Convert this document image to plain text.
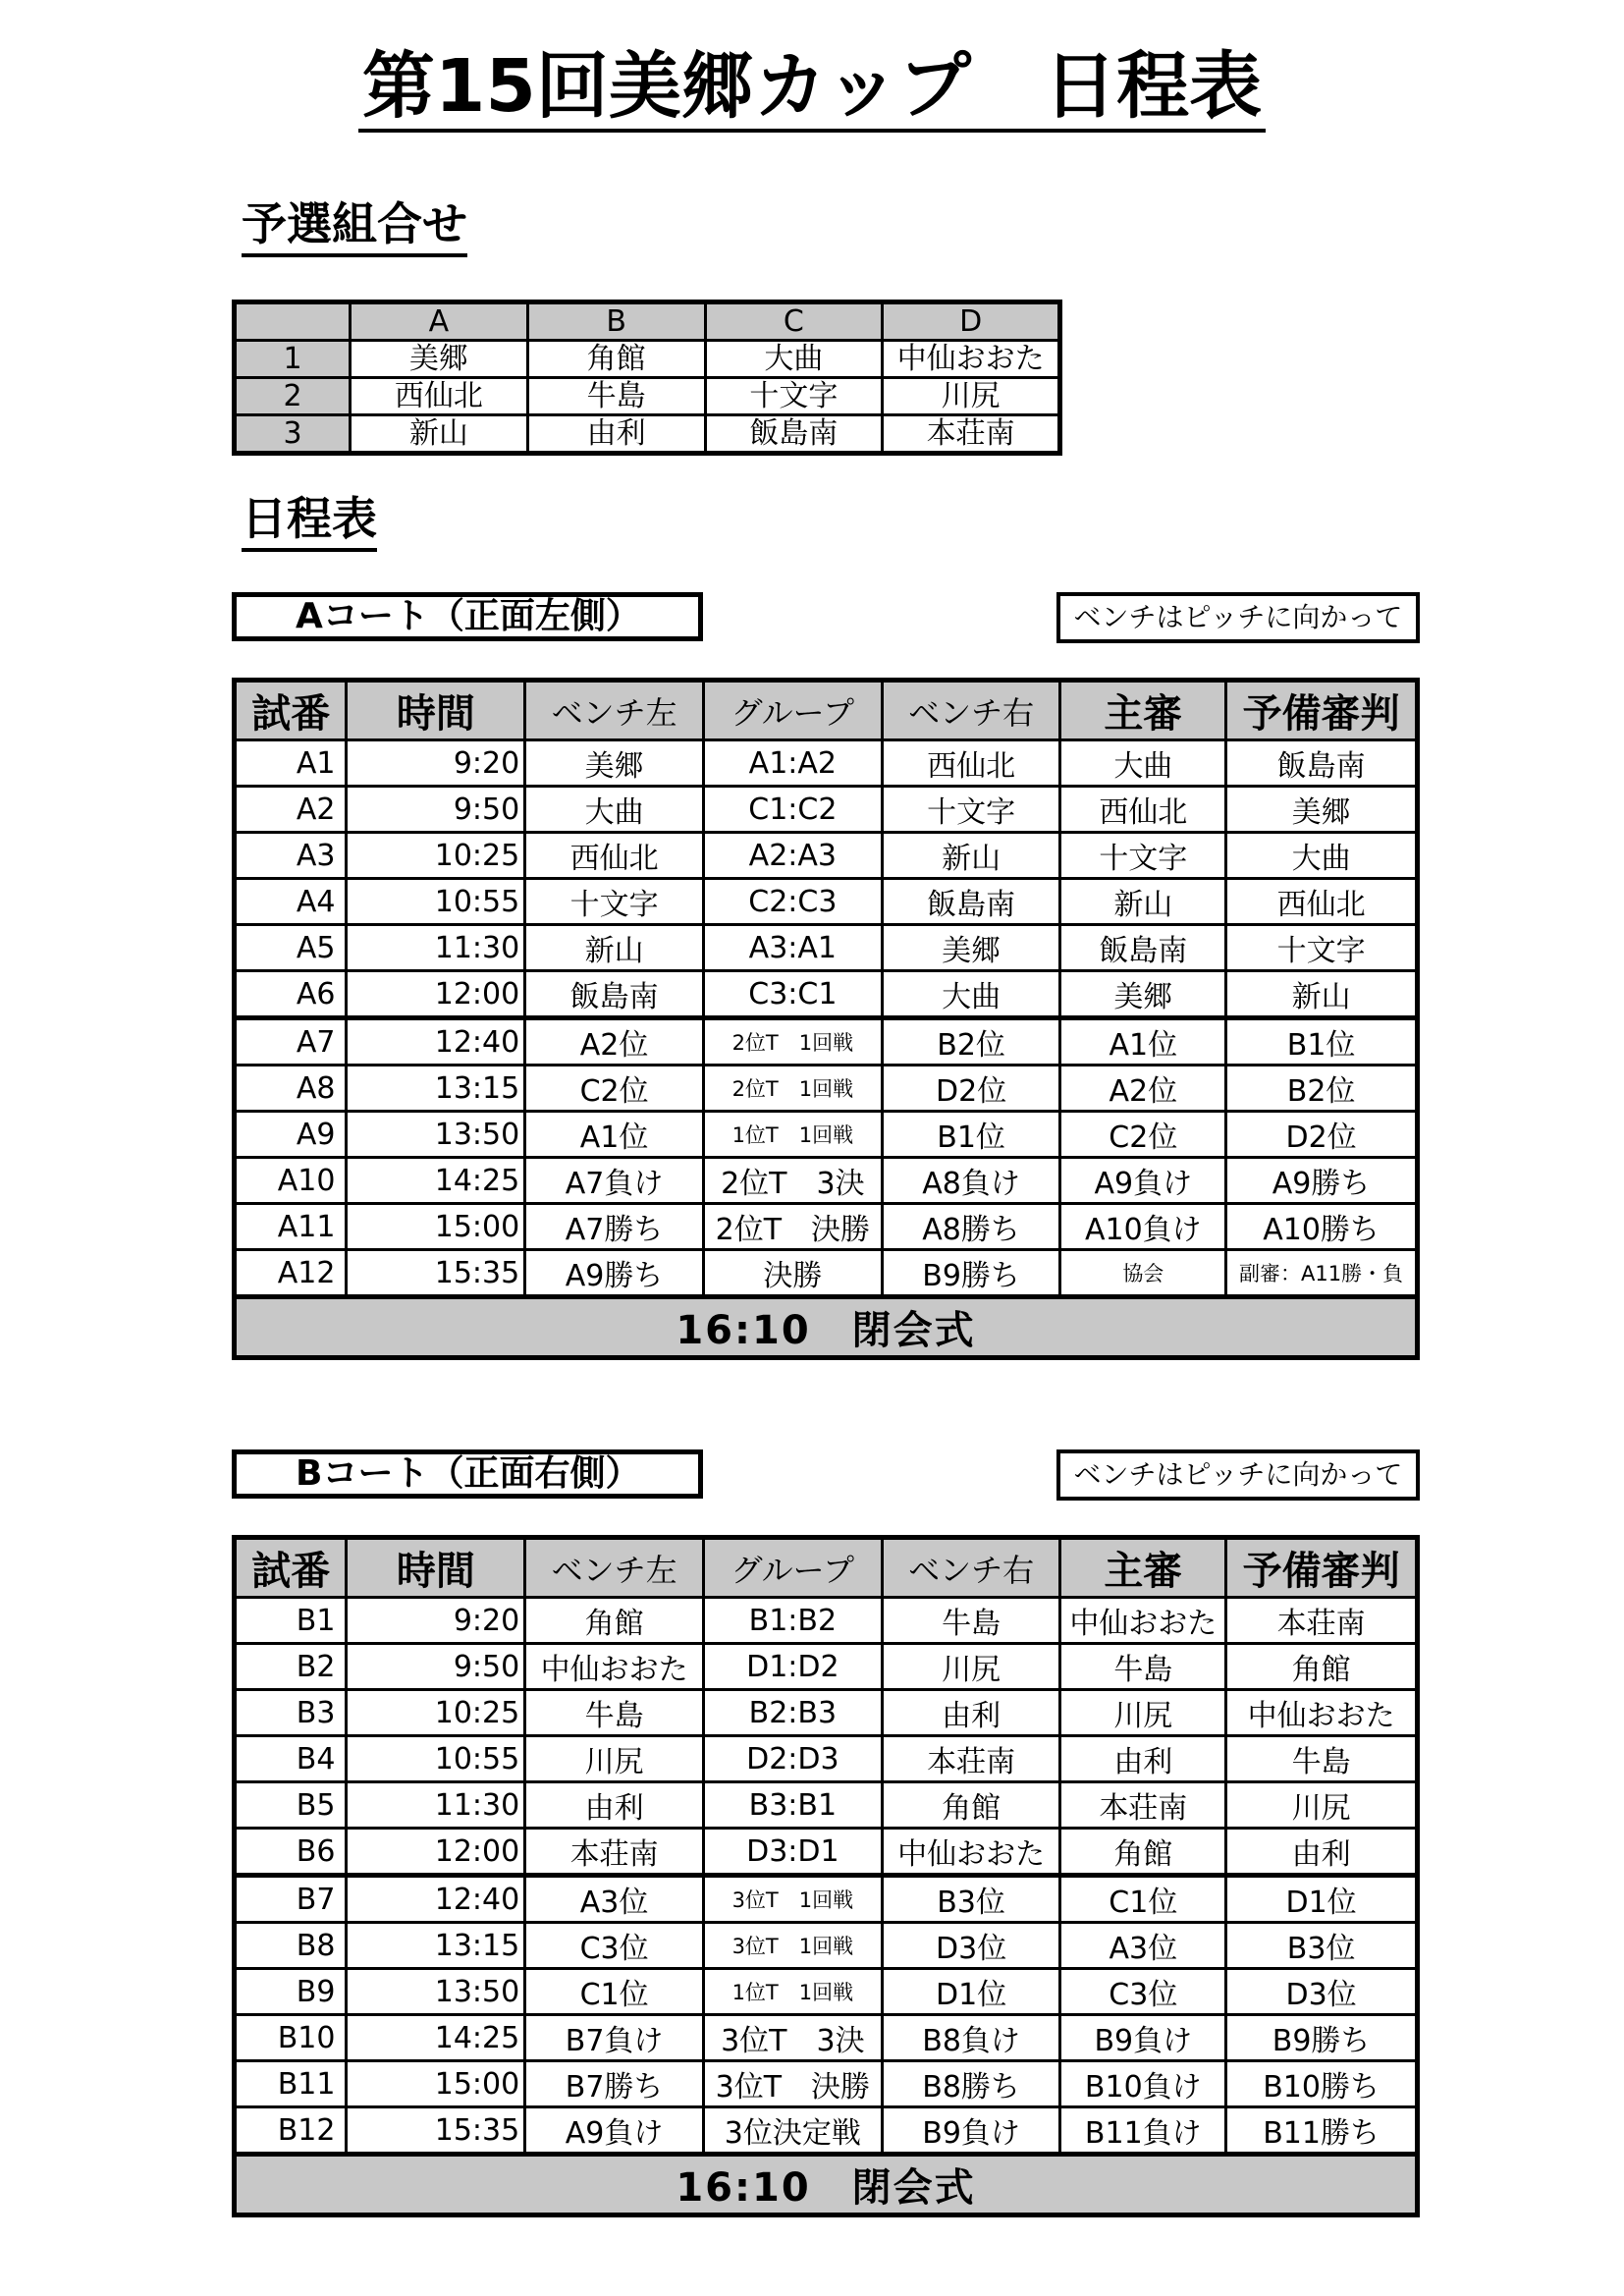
第15回美郷カップ　日程表
予選組合せ
	A	B	C	D
1	美郷	角館	大曲	中仙おおた
2	西仙北	牛島	十文字	川尻
3	新山	由利	飯島南	本荘南
日程表
Aコート（正面左側）	ベンチはピッチに向かって
試番	時間	ベンチ左	グループ	ベンチ右	主審	予備審判
A1	9:20	美郷	A1:A2	西仙北	大曲	飯島南
A2	9:50	大曲	C1:C2	十文字	西仙北	美郷
A3	10:25	西仙北	A2:A3	新山	十文字	大曲
A4	10:55	十文字	C2:C3	飯島南	新山	西仙北
A5	11:30	新山	A3:A1	美郷	飯島南	十文字
A6	12:00	飯島南	C3:C1	大曲	美郷	新山
A7	12:40	A2位	2位T　1回戦	B2位	A1位	B1位
A8	13:15	C2位	2位T　1回戦	D2位	A2位	B2位
A9	13:50	A1位	1位T　1回戦	B1位	C2位	D2位
A10	14:25	A7負け	2位T　3決	A8負け	A9負け	A9勝ち
A11	15:00	A7勝ち	2位T　決勝	A8勝ち	A10負け	A10勝ち
A12	15:35	A9勝ち	決勝	B9勝ち	協会	副審：A11勝・負
16:10　閉会式						
Bコート（正面右側）	ベンチはピッチに向かって
試番	時間	ベンチ左	グループ	ベンチ右	主審	予備審判
B1	9:20	角館	B1:B2	牛島	中仙おおた	本荘南
B2	9:50	中仙おおた	D1:D2	川尻	牛島	角館
B3	10:25	牛島	B2:B3	由利	川尻	中仙おおた
B4	10:55	川尻	D2:D3	本荘南	由利	牛島
B5	11:30	由利	B3:B1	角館	本荘南	川尻
B6	12:00	本荘南	D3:D1	中仙おおた	角館	由利
B7	12:40	A3位	3位T　1回戦	B3位	C1位	D1位
B8	13:15	C3位	3位T　1回戦	D3位	A3位	B3位
B9	13:50	C1位	1位T　1回戦	D1位	C3位	D3位
B10	14:25	B7負け	3位T　3決	B8負け	B9負け	B9勝ち
B11	15:00	B7勝ち	3位T　決勝	B8勝ち	B10負け	B10勝ち
B12	15:35	A9負け	3位決定戦	B9負け	B11負け	B11勝ち
16:10　閉会式						
